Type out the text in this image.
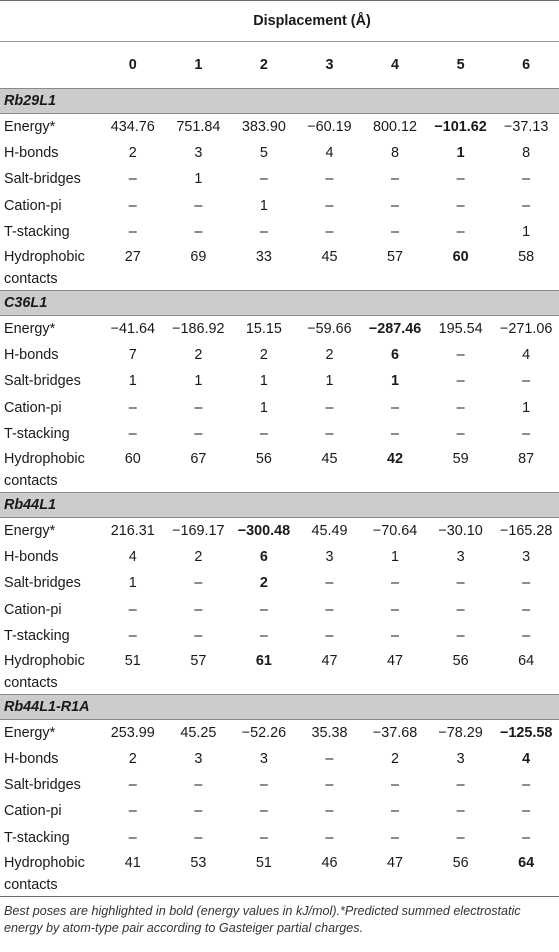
Displacement (Å)							
	0	1	2	3	4	5	6
Rb29L1							
Energy*	434.76	751.84	383.90	−60.19	800.12	−101.62	−37.13
H-bonds	2	3	5	4	8	1	8
Salt-bridges	–	1	–	–	–	–	–
Cation-pi	–	–	1	–	–	–	–
T-stacking	–	–	–	–	–	–	1

Hydrophobic
contacts	27	69	33	45	57	60	58
C36L1							
Energy*	−41.64	−186.92	15.15	−59.66	−287.46	195.54	−271.06
H-bonds	7	2	2	2	6	–	4
Salt-bridges	1	1	1	1	1	–	–
Cation-pi	–	–	1	–	–	–	1
T-stacking	–	–	–	–	–	–	–

Hydrophobic
contacts	60	67	56	45	42	59	87
Rb44L1							
Energy*	216.31	−169.17	−300.48	45.49	−70.64	−30.10	−165.28
H-bonds	4	2	6	3	1	3	3
Salt-bridges	1	–	2	–	–	–	–
Cation-pi	–	–	–	–	–	–	–
T-stacking	–	–	–	–	–	–	–

Hydrophobic
contacts	51	57	61	47	47	56	64
Rb44L1-R1A							
Energy*	253.99	45.25	−52.26	35.38	−37.68	−78.29	−125.58
H-bonds	2	3	3	–	2	3	4
Salt-bridges	–	–	–	–	–	–	–
Cation-pi	–	–	–	–	–	–	–
T-stacking	–	–	–	–	–	–	–

Hydrophobic
contacts	41	53	51	46	47	56	64
Best poses are highlighted in bold (energy values in kJ/mol).*Predicted summed electrostatic energy by atom-type pair according to Gasteiger partial charges.
